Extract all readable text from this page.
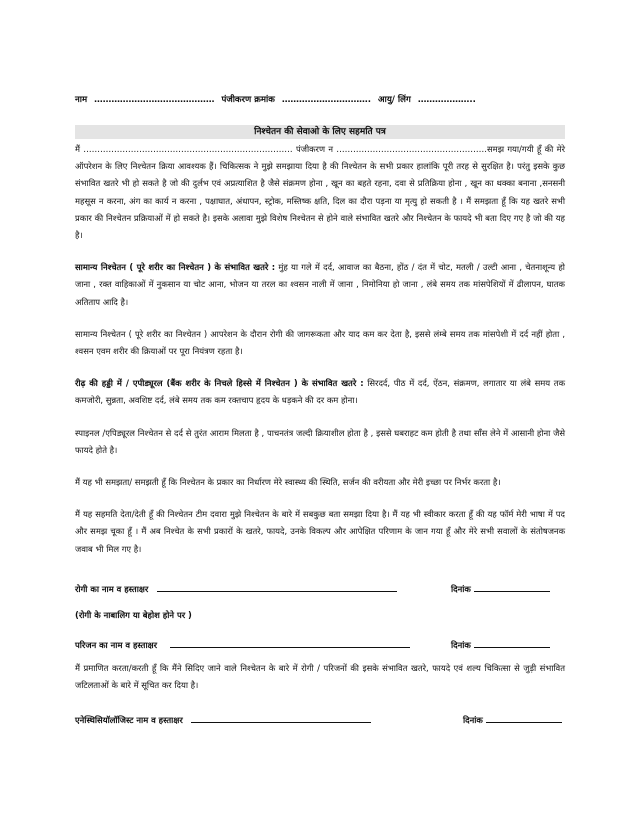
नाम …………………………………… पंजीकरण क्रमांक …………………………. आयु/ लिंग ………………..
निश्चेतन की सेवाओ के लिए सहमति पत्र

मैं ………………………………………………………………… पंजीकरण न ………………………………………………समझ गया/गयी हूँ की मेरे ऑपरेशन के लिए निश्चेतन क्रिया आवश्यक हैं। चिकित्सक ने मुझे समझाया दिया है की निश्चेतन के सभी प्रकार हालांकि पूरी तरह से सुरक्षित है। परंतु इसके कुछ संभावित खतरे भी हो सकते है जो की दुर्लभ एवं अप्रत्याशित है जैसे संक्रमण होना , खून का बहते रहना, दवा से प्रतिक्रिया होना , खून का थक्का बनाना ,सनसनी महसूस न करना, अंग का कार्य न करना , पक्षाघात, अंधापन, स्ट्रोक, मस्तिष्क क्षति, दिल का दौरा पड़ना या मृत्यु हो सकती है । मैं समझता हूँ कि यह खतरे सभी प्रकार की निश्चेतन प्रक्रियाओं में हो सकते है। इसके अलावा मुझे विशेष निश्चेतन से होने वाले संभावित खतरे और निश्चेतन के फायदे भी बता दिए गए है जो की यह है।

सामान्य निश्चेतन ( पूरे शरीर का निश्चेतन ) के संभावित खतरे : मुंह या गले में दर्द, आवाज का बैठना, होंठ / दंत में चोट, मतली / उल्टी आना , चेतनाशून्य हो जाना , रक्त वाहिकाओं में नुकसान या चोट आना, भोजन या तरल का श्वसन नाली में जाना , निमोनिया हो जाना , लंबे समय तक मांसपेशियों में ढीलापन, घातक अतिताप आदि है।

सामान्य निश्चेतन ( पूरे शरीर का निश्चेतन ) आपरेशन के दौरान रोगी की जागरूकता और याद कम कर देता है, इससे लंम्बे समय तक मांसपेशी में दर्द नहीं होता , श्वसन एवम शरीर की क्रियाओं पर पूरा नियंत्रण रहता है।

रीढ़ की हड्डी में / एपीड्यूरल (बैंक शरीर के निचले हिस्से में निश्चेतन ) के संभावित खतरे : सिरदर्द, पीठ में दर्द, ऐंठन, संक्रमण, लगातार या लंबे समय तक कमजोरी, सुन्नता, अवशिष्ट दर्द, लंबे समय तक कम रक्तचाप हृदय के धड़कने की दर कम होना।

स्पाइनल /एपिड्यूरल निश्चेतन से दर्द से तुरंत आराम मिलता है , पाचनतंत्र जल्दी क्रियाशील होता है , इससे घबराहट कम होती है तथा साँस लेने में आसानी होना जैसे फायदे होते है।

मैं यह भी समझता/ समझती हूँ कि निश्चेतन के प्रकार का निर्धारण मेरे स्वास्थ्य की स्थिति, सर्जन की वरीयता और मेरी इच्छा पर निर्भर करता है।

मैं यह सहमति देता/देती हूँ की निश्चेतन टीम दवारा मुझे निश्चेतन के बारे में सबकुछ बता समझा दिया है। मैं यह भी स्वीकार करता हूँ की यह फॉर्म मेरी भाषा में पद और समझ चूका हूँ । मैं अब निश्चेत के सभी प्रकारों के खतरे, फायदे, उनके विकल्प और आपेक्षित परिणाम के जान गया हूँ और मेरे सभी सवालों के संतोषजनक जवाब भी मिल गए है।

रोगी का नाम व हस्ताक्षर	दिनांक
(रोगी के नाबालिग या बेहोश होने पर )
परिजन का नाम व हस्ताक्षर	दिनांक

मैं प्रमाणित करता/करती हूँ कि मैंने सिदिए जाने वाले निश्चेतन के बारे में रोगी / परिजनों की इसके संभावित खतरे, फायदे एवं शल्य चिकित्सा से जुड़ी संभावित जटिलताओं के बारे में सूचित कर दिया है।

एनेस्थिसियॉलॉजिस्ट नाम व हस्ताक्षर	दिनांक
